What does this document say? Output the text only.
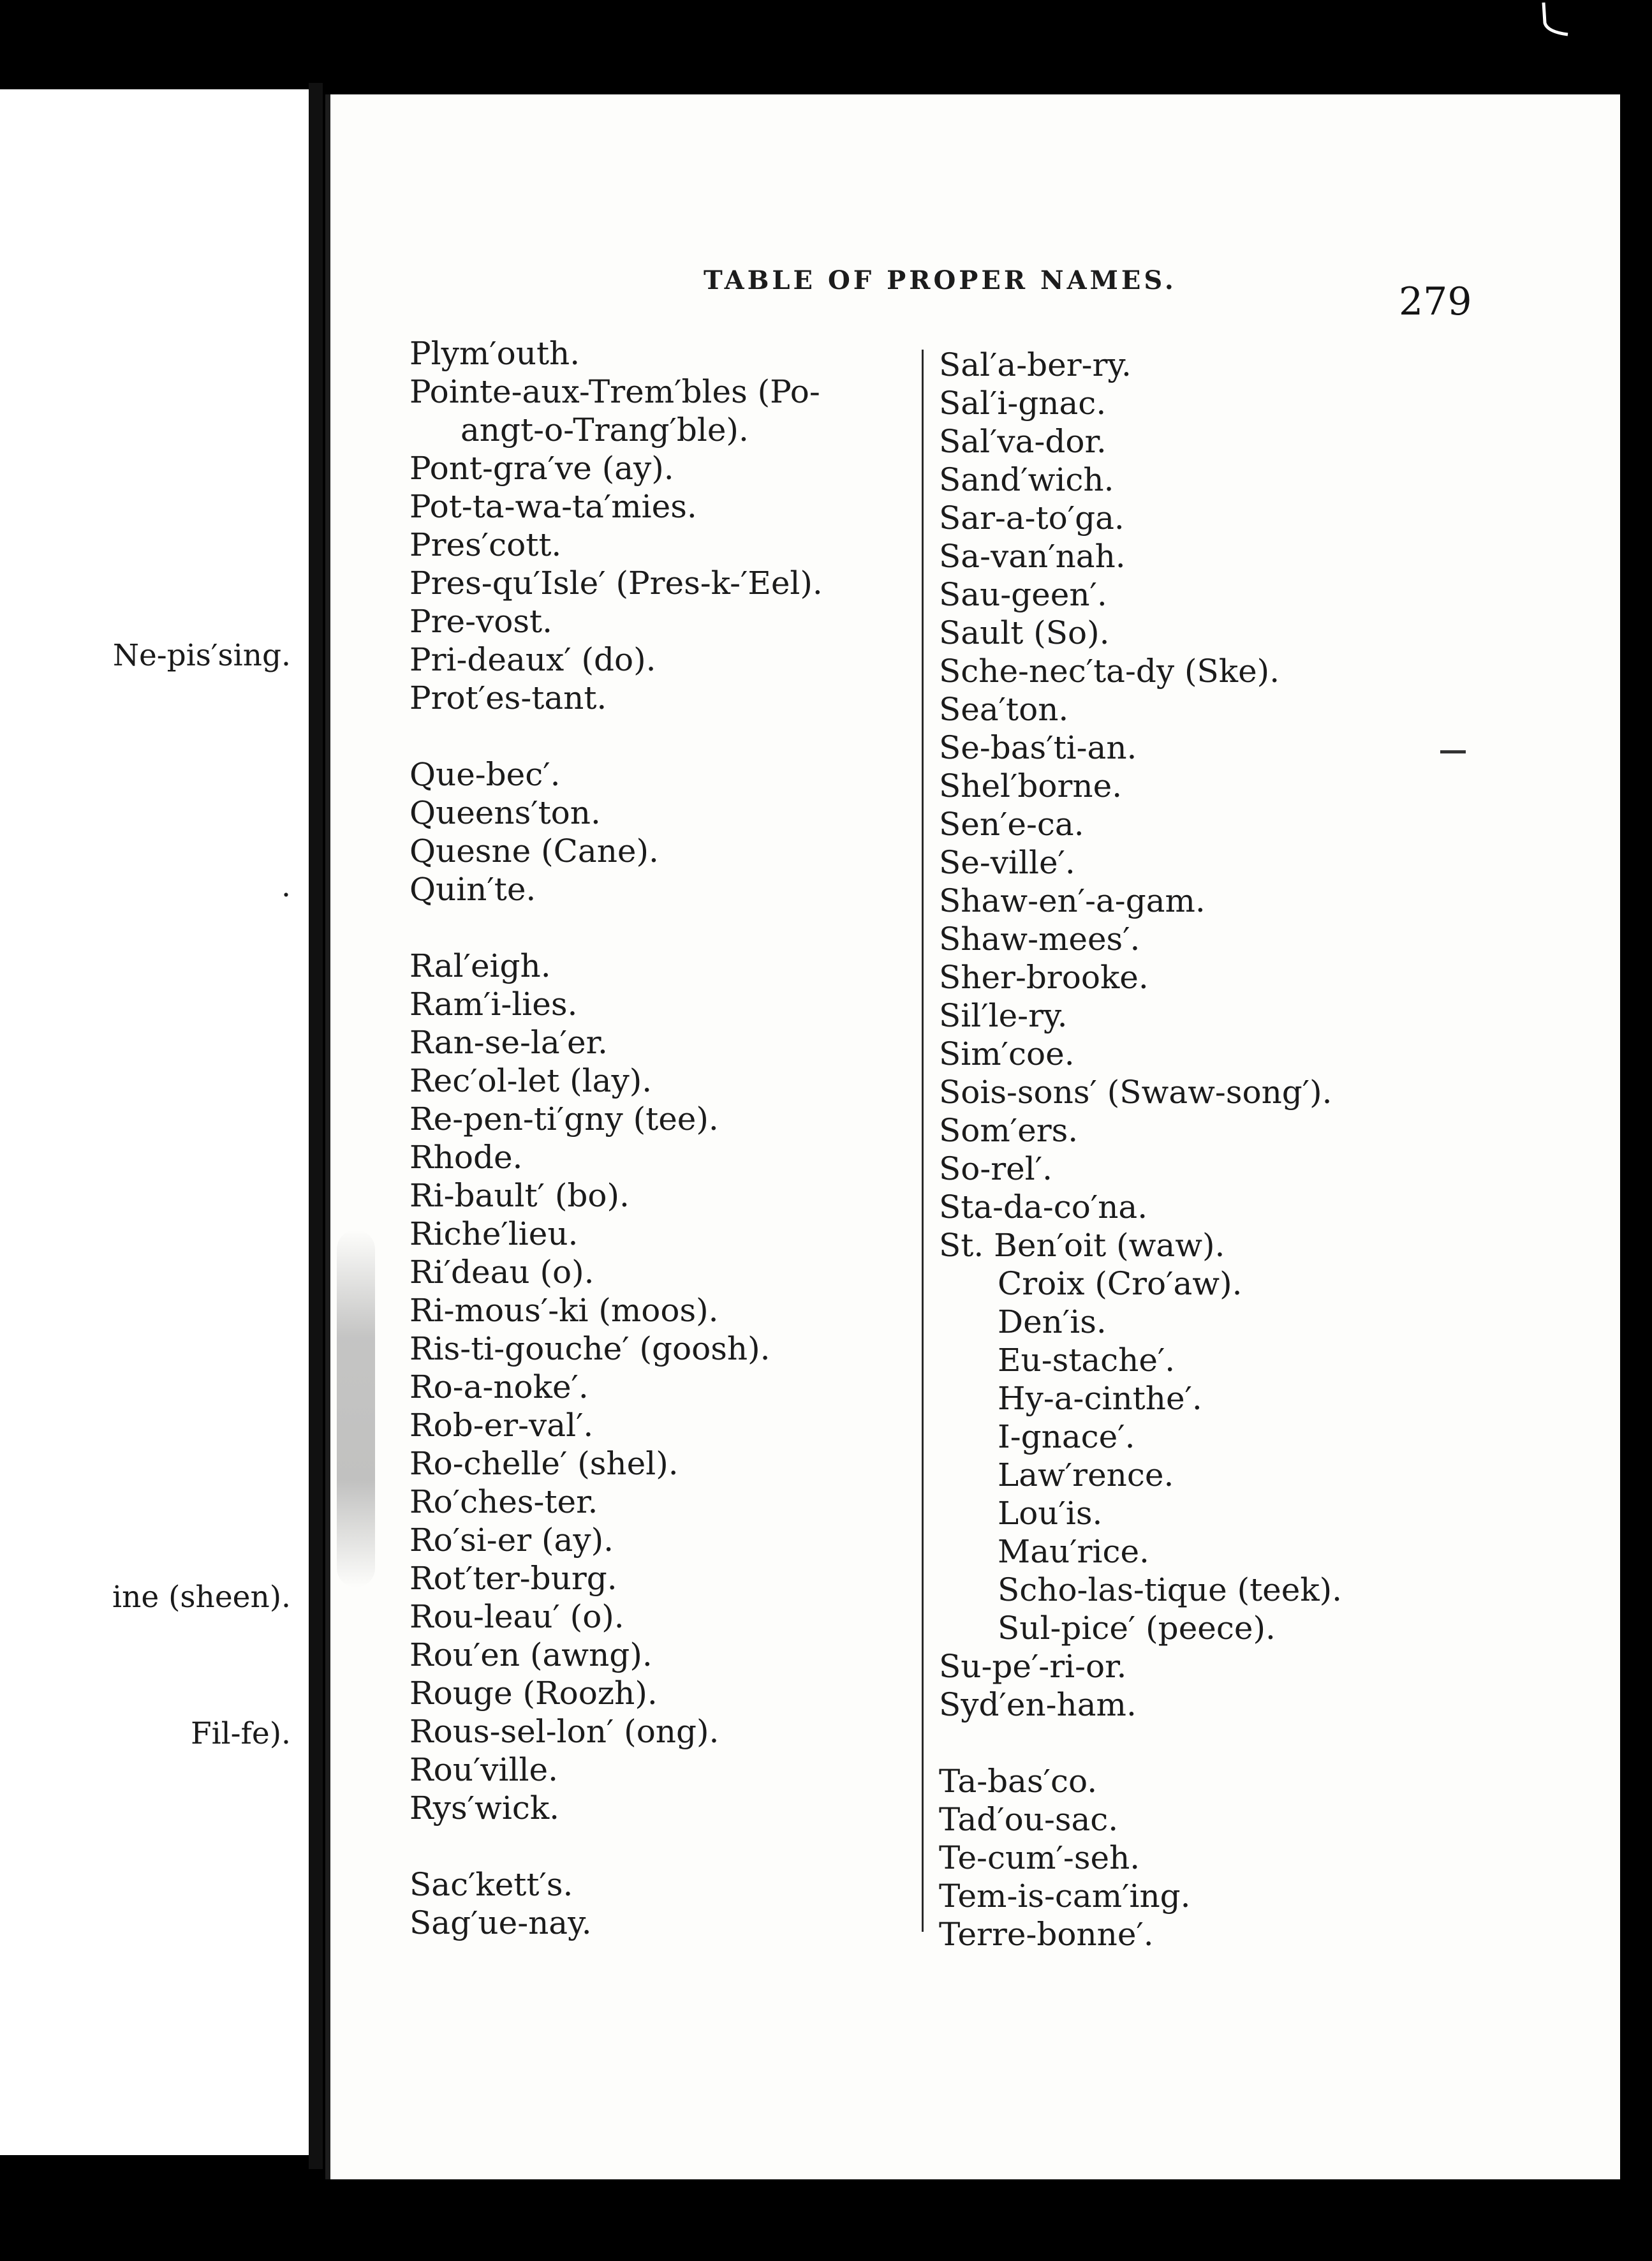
Ne-pis′sing.
.
ine (sheen).
Fil-fe).
TABLE OF PROPER NAMES.	279
Plym′outh.
Pointe-aux-Trem′bles (Po-
angt-o-Trang′ble).
Pont-gra′ve (ay).
Pot-ta-wa-ta′mies.
Pres′cott.
Pres-qu′Isle′ (Pres-k-′Eel).
Pre-vost.
Pri-deaux′ (do).
Prot′es-tant.
Que-bec′.
Queens′ton.
Quesne (Cane).
Quin′te.
Ral′eigh.
Ram′i-lies.
Ran-se-la′er.
Rec′ol-let (lay).
Re-pen-ti′gny (tee).
Rhode.
Ri-bault′ (bo).
Riche′lieu.
Ri′deau (o).
Ri-mous′-ki (moos).
Ris-ti-gouche′ (goosh).
Ro-a-noke′.
Rob-er-val′.
Ro-chelle′ (shel).
Ro′ches-ter.
Ro′si-er (ay).
Rot′ter-burg.
Rou-leau′ (o).
Rou′en (awng).
Rouge (Roozh).
Rous-sel-lon′ (ong).
Rou′ville.
Rys′wick.
Sac′kett′s.
Sag′ue-nay.
Sal′a-ber-ry.
Sal′i-gnac.
Sal′va-dor.
Sand′wich.
Sar-a-to′ga.
Sa-van′nah.
Sau-geen′.
Sault (So).
Sche-nec′ta-dy (Ske).
Sea′ton.
Se-bas′ti-an.
Shel′borne.
Sen′e-ca.
Se-ville′.
Shaw-en′-a-gam.
Shaw-mees′.
Sher-brooke.
Sil′le-ry.
Sim′coe.
Sois-sons′ (Swaw-song′).
Som′ers.
So-rel′.
Sta-da-co′na.
St. Ben′oit (waw).
Croix (Cro′aw).
Den′is.
Eu-stache′.
Hy-a-cinthe′.
I-gnace′.
Law′rence.
Lou′is.
Mau′rice.
Scho-las-tique (teek).
Sul-pice′ (peece).
Su-pe′-ri-or.
Syd′en-ham.
Ta-bas′co.
Tad′ou-sac.
Te-cum′-seh.
Tem-is-cam′ing.
Terre-bonne′.
